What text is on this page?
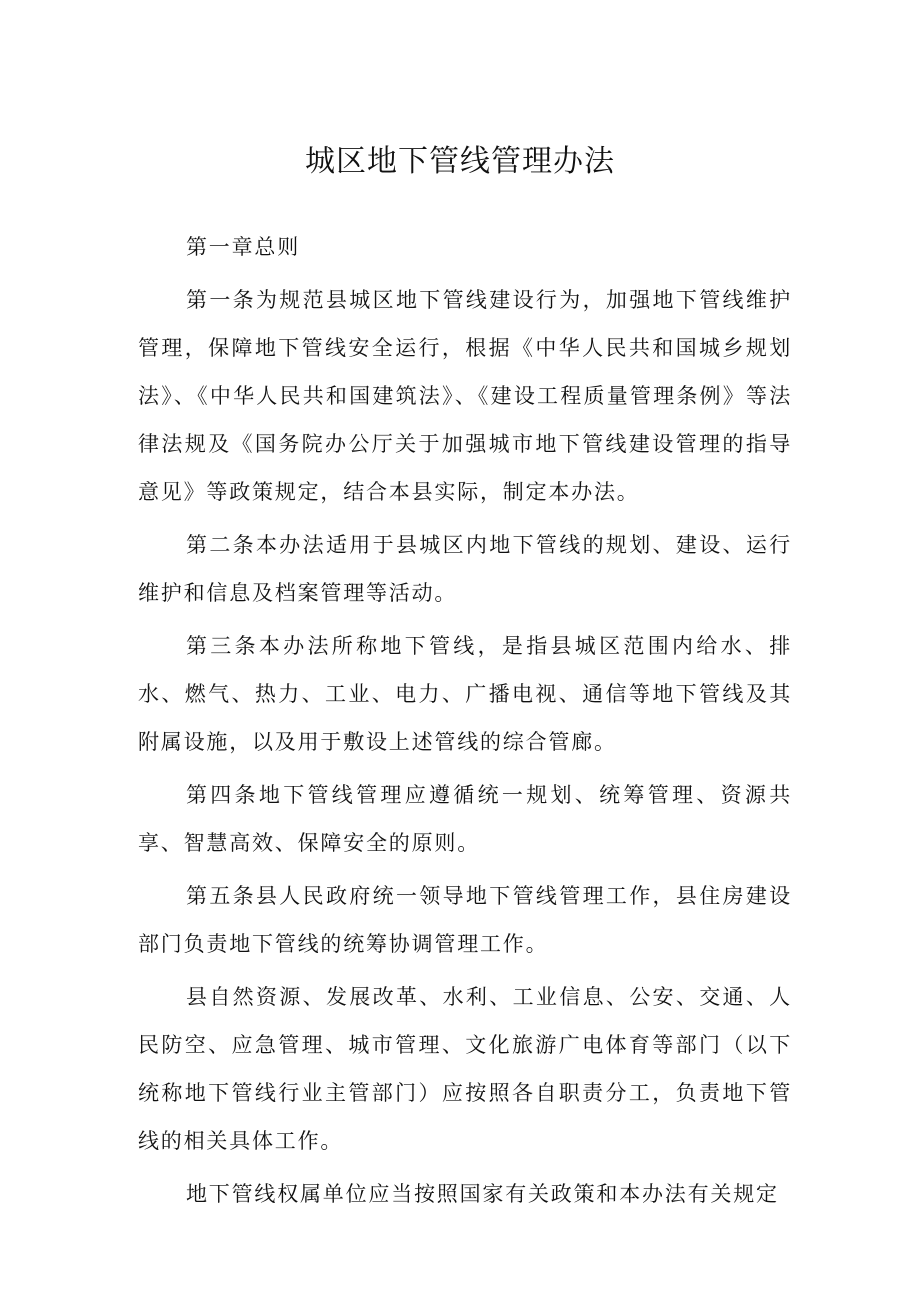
城区地下管线管理办法

第一章总则

第一条为规范县城区地下管线建设行为，加强地下管线维护管理，保障地下管线安全运行，根据《中华人民共和国城乡规划法》、《中华人民共和国建筑法》、《建设工程质量管理条例》等法律法规及《国务院办公厅关于加强城市地下管线建设管理的指导意见》等政策规定，结合本县实际，制定本办法。

第二条本办法适用于县城区内地下管线的规划、建设、运行维护和信息及档案管理等活动。

第三条本办法所称地下管线，是指县城区范围内给水、排水、燃气、热力、工业、电力、广播电视、通信等地下管线及其附属设施，以及用于敷设上述管线的综合管廊。

第四条地下管线管理应遵循统一规划、统筹管理、资源共享、智慧高效、保障安全的原则。

第五条县人民政府统一领导地下管线管理工作，县住房建设部门负责地下管线的统筹协调管理工作。

县自然资源、发展改革、水利、工业信息、公安、交通、人民防空、应急管理、城市管理、文化旅游广电体育等部门（以下统称地下管线行业主管部门）应按照各自职责分工，负责地下管线的相关具体工作。

地下管线权属单位应当按照国家有关政策和本办法有关规定
